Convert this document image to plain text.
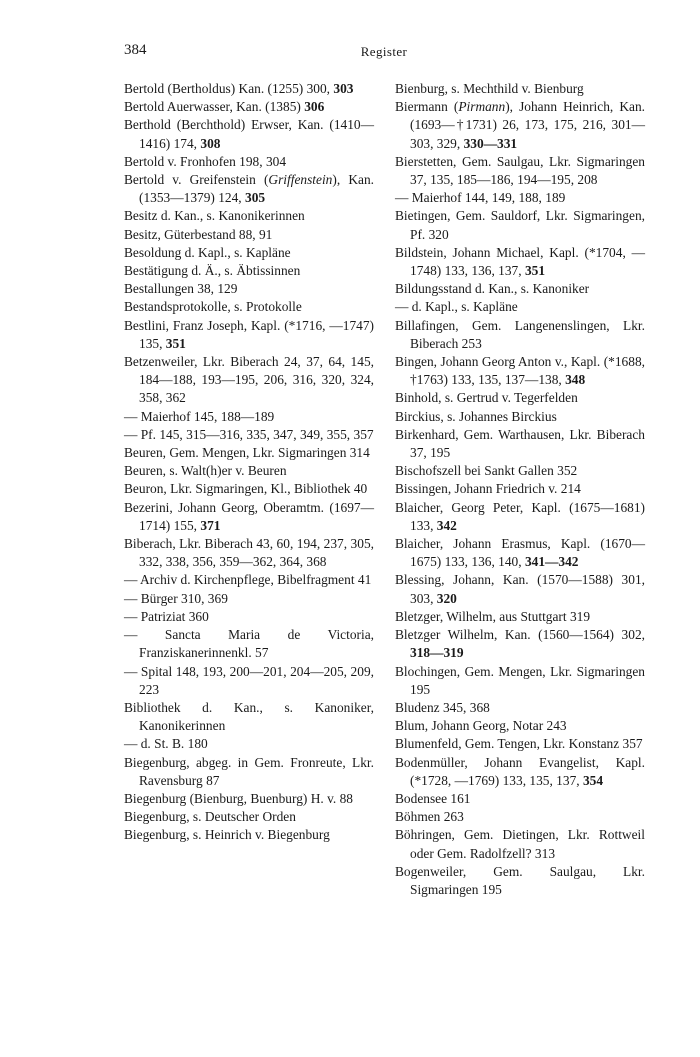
384	Register

Bertold (Bertholdus) Kan. (1255) 300, 303

Bertold Auerwasser, Kan. (1385) 306

Berthold (Berchthold) Erwser, Kan. (1410—1416) 174, 308

Bertold v. Fronhofen 198, 304

Bertold v. Greifenstein (Griffenstein), Kan. (1353—1379) 124, 305

Besitz d. Kan., s. Kanonikerinnen

Besitz, Güterbestand 88, 91

Besoldung d. Kapl., s. Kapläne

Bestätigung d. Ä., s. Äbtissinnen

Bestallungen 38, 129

Bestandsprotokolle, s. Protokolle

Bestlini, Franz Joseph, Kapl. (*1716, —1747) 135, 351

Betzenweiler, Lkr. Biberach 24, 37, 64, 145, 184—188, 193—195, 206, 316, 320, 324, 358, 362

— Maierhof 145, 188—189

— Pf. 145, 315—316, 335, 347, 349, 355, 357

Beuren, Gem. Mengen, Lkr. Sigmaringen 314

Beuren, s. Walt(h)er v. Beuren

Beuron, Lkr. Sigmaringen, Kl., Bibliothek 40

Bezerini, Johann Georg, Oberamtm. (1697—1714) 155, 371

Biberach, Lkr. Biberach 43, 60, 194, 237, 305, 332, 338, 356, 359—362, 364, 368

— Archiv d. Kirchenpflege, Bibelfragment 41

— Bürger 310, 369

— Patriziat 360

— Sancta Maria de Victoria, Franziskanerinnenkl. 57

— Spital 148, 193, 200—201, 204—205, 209, 223

Bibliothek d. Kan., s. Kanoniker, Kanonikerinnen

— d. St. B. 180

Biegenburg, abgeg. in Gem. Fronreute, Lkr. Ravensburg 87

Biegenburg (Bienburg, Buenburg) H. v. 88

Biegenburg, s. Deutscher Orden

Biegenburg, s. Heinrich v. Biegenburg

Bienburg, s. Mechthild v. Bienburg

Biermann (Pirmann), Johann Heinrich, Kan. (1693—†1731) 26, 173, 175, 216, 301—303, 329, 330—331

Bierstetten, Gem. Saulgau, Lkr. Sigmaringen 37, 135, 185—186, 194—195, 208

— Maierhof 144, 149, 188, 189

Bietingen, Gem. Sauldorf, Lkr. Sigmaringen, Pf. 320

Bildstein, Johann Michael, Kapl. (*1704, —1748) 133, 136, 137, 351

Bildungsstand d. Kan., s. Kanoniker

— d. Kapl., s. Kapläne

Billafingen, Gem. Langenenslingen, Lkr. Biberach 253

Bingen, Johann Georg Anton v., Kapl. (*1688, †1763) 133, 135, 137—138, 348

Binhold, s. Gertrud v. Tegerfelden

Birckius, s. Johannes Birckius

Birkenhard, Gem. Warthausen, Lkr. Biberach 37, 195

Bischofszell bei Sankt Gallen 352

Bissingen, Johann Friedrich v. 214

Blaicher, Georg Peter, Kapl. (1675—1681) 133, 342

Blaicher, Johann Erasmus, Kapl. (1670—1675) 133, 136, 140, 341—342

Blessing, Johann, Kan. (1570—1588) 301, 303, 320

Bletzger, Wilhelm, aus Stuttgart 319

Bletzger Wilhelm, Kan. (1560—1564) 302, 318—319

Blochingen, Gem. Mengen, Lkr. Sigmaringen 195

Bludenz 345, 368

Blum, Johann Georg, Notar 243

Blumenfeld, Gem. Tengen, Lkr. Konstanz 357

Bodenmüller, Johann Evangelist, Kapl. (*1728, —1769) 133, 135, 137, 354

Bodensee 161

Böhmen 263

Böhringen, Gem. Dietingen, Lkr. Rottweil oder Gem. Radolfzell? 313

Bogenweiler, Gem. Saulgau, Lkr. Sigmaringen 195
